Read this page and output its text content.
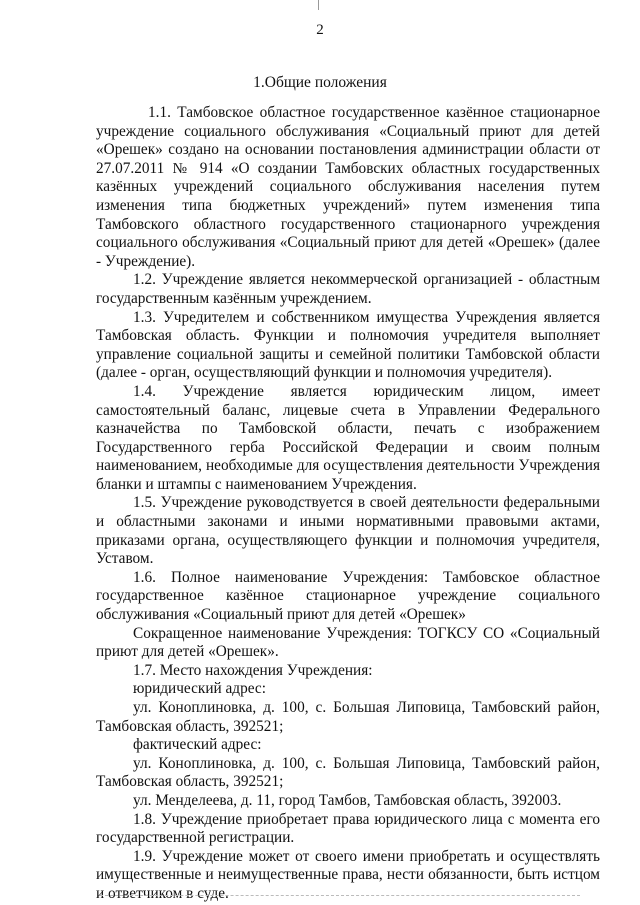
2
1.Общие положения

1.1. Тамбовское областное государственное казённое стационарное учреждение социального обслуживания «Социальный приют для детей «Орешек» создано на основании постановления администрации области от 27.07.2011 № 914 «О создании Тамбовских областных государственных казённых учреждений социального обслуживания населения путем изменения типа бюджетных учреждений» путем изменения типа Тамбовского областного государственного стационарного учреждения социального обслуживания «Социальный приют для детей «Орешек» (далее - Учреждение).

1.2. Учреждение является некоммерческой организацией - областным государственным казённым учреждением.

1.3. Учредителем и собственником имущества Учреждения является Тамбовская область. Функции и полномочия учредителя выполняет управление социальной защиты и семейной политики Тамбовской области (далее - орган, осуществляющий функции и полномочия учредителя).

1.4. Учреждение является юридическим лицом, имеет самостоятельный баланс, лицевые счета в Управлении Федерального казначейства по Тамбовской области, печать с изображением Государственного герба Российской Федерации и своим полным наименованием, необходимые для осуществления деятельности Учреждения бланки и штампы с наименованием Учреждения.

1.5. Учреждение руководствуется в своей деятельности федеральными и областными законами и иными нормативными правовыми актами, приказами органа, осуществляющего функции и полномочия учредителя, Уставом.

1.6. Полное наименование Учреждения: Тамбовское областное государственное казённое стационарное учреждение социального обслуживания «Социальный приют для детей «Орешек»

Сокращенное наименование Учреждения: ТОГКСУ СО «Социальный приют для детей «Орешек».

1.7. Место нахождения Учреждения:

юридический адрес:

ул. Коноплиновка, д. 100, с. Большая Липовица, Тамбовский район, Тамбовская область, 392521;

фактический адрес:

ул. Коноплиновка, д. 100, с. Большая Липовица, Тамбовский район, Тамбовская область, 392521;

ул. Менделеева, д. 11, город Тамбов, Тамбовская область, 392003.

1.8. Учреждение приобретает права юридического лица с момента его государственной регистрации.

1.9. Учреждение может от своего имени приобретать и осуществлять имущественные и неимущественные права, нести обязанности, быть истцом и ответчиком в суде.
